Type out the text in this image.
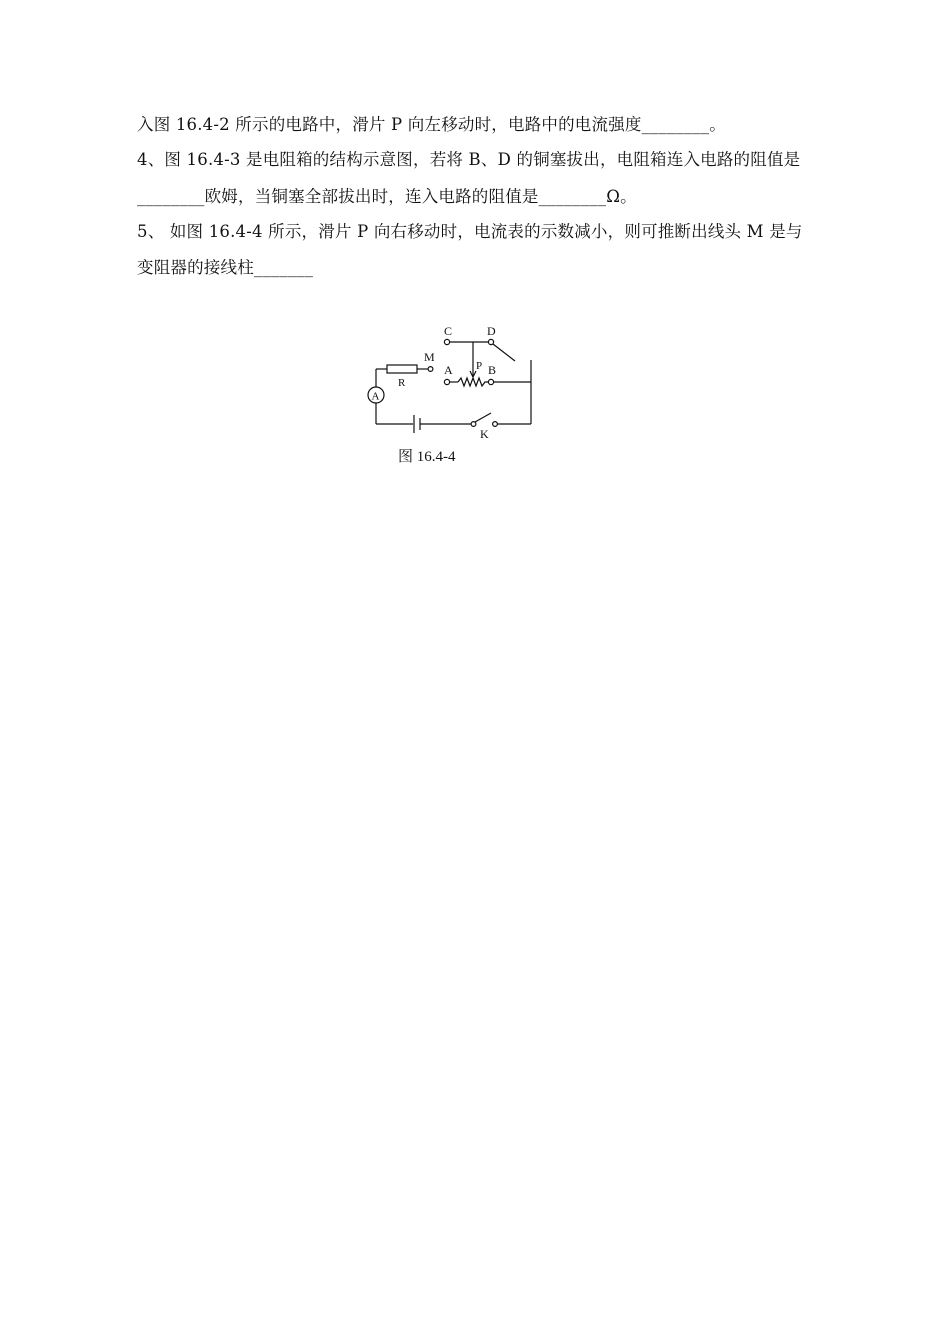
入图 16.4-2 所示的电路中，滑片 P 向左移动时，电路中的电流强度________。
4、图 16.4-3 是电阻箱的结构示意图，若将 B、D 的铜塞拔出，电阻箱连入电路的阻值是
________欧姆，当铜塞全部拔出时，连入电路的阻值是________Ω。
5、 如图 16.4-4 所示，滑片 P 向右移动时，电流表的示数减小，则可推断出线头 M 是与
变阻器的接线柱_______
C	D
M
P
A	B
R
A
K
图 16.4-4
